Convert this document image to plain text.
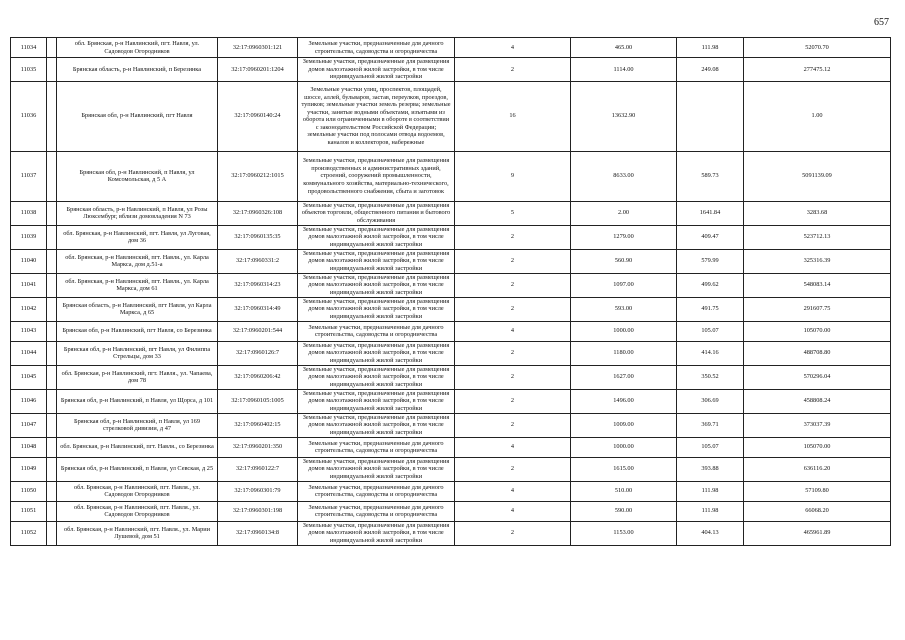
657
11034		обл. Брянская, р-н Навлинский, пгт. Навля, ул. Садоводов Огородников	32:17:0960301:121	Земельные участки, предназначенные для дачного строительства, садоводства и огородничества	4	465.00	111.98	52070.70
11035		Брянская область, р-н Навлинский, п Березинка	32:17:0960201:1204	Земельные участки, предназначенные для размещения домов малоэтажной жилой застройки, в том числе индивидуальной жилой застройки	2	1114.00	249.08	277475.12
11036		Брянская обл, р-н Навлинский, пгт Навля	32:17:0960140:24	Земельные участки улиц, проспектов, площадей, шоссе, аллей, бульваров, застав, переулков, проездов, тупиков; земельные участки земель резерва; земельные участки, занятые водными объектами, изъятыми из оборота или ограниченными в обороте в соответствии с законодательством Российской Федерации; земельные участки под полосами отвода водоемов, каналов и коллекторов, набережные	16	13632.90		1.00
11037		Брянская обл, р-н Навлинский, п Навля, ул Комсомольская, д 5 А	32:17:0960212:1015	Земельные участки, предназначенные для размещения производственных и административных зданий, строений, сооружений промышленности, коммунального хозяйства, материально-технического, продовольственного снабжения, сбыта и заготовок	9	8633.00	589.73	5091139.09
11038		Брянская область, р-н Навлинский, п Навля, ул Розы Люксембург, вблизи домовладения N 73	32:17:0960326:108	Земельные участки, предназначенные для размещения объектов торговли, общественного питания и бытового обслуживания	5	2.00	1641.84	3283.68
11039		обл. Брянская, р-н Навлинский, пгт. Навля, ул Луговая, дом 36	32:17:0960135:35	Земельные участки, предназначенные для размещения домов малоэтажной жилой застройки, в том числе индивидуальной жилой застройки	2	1279.00	409.47	523712.13
11040		обл. Брянская, р-н Навлинский, пгт. Навля., ул. Карла Маркса, дом д.51-а	32:17:0960331:2	Земельные участки, предназначенные для размещения домов малоэтажной жилой застройки, в том числе индивидуальной жилой застройки	2	560.90	579.99	325316.39
11041		обл. Брянская, р-н Навлинский, пгт. Навля., ул. Карла Маркса, дом 61	32:17:0960314:23	Земельные участки, предназначенные для размещения домов малоэтажной жилой застройки, в том числе индивидуальной жилой застройки	2	1097.00	499.62	548083.14
11042		Брянская область, р-н Навлинский, пгт Навля, ул Карла Маркса, д 65	32:17:0960314:49	Земельные участки, предназначенные для размещения домов малоэтажной жилой застройки, в том числе индивидуальной жилой застройки	2	593.00	491.75	291607.75
11043		Брянская обл, р-н Навлинский, пгт Навля, со Березинка	32:17:0960201:544	Земельные участки, предназначенные для дачного строительства, садоводства и огородничества	4	1000.00	105.07	105070.00
11044		Брянская обл, р-н Навлинский, пгт Навля, ул Филиппа Стрельцы, дом 33	32:17:0960126:7	Земельные участки, предназначенные для размещения домов малоэтажной жилой застройки, в том числе индивидуальной жилой застройки	2	1180.00	414.16	488708.80
11045		обл. Брянская, р-н Навлинский, пгт. Навля., ул. Чапаева, дом 78	32:17:0960206:42	Земельные участки, предназначенные для размещения домов малоэтажной жилой застройки, в том числе индивидуальной жилой застройки	2	1627.00	350.52	570296.04
11046		Брянская обл, р-н Навлинский, п Навля, ул Щорса, д 101	32:17:0960105:1005	Земельные участки, предназначенные для размещения домов малоэтажной жилой застройки, в том числе индивидуальной жилой застройки	2	1496.00	306.69	458808.24
11047		Брянская обл, р-н Навлинский, п Навля, ул 169 стрелковой дивизии, д 47	32:17:0960402:15	Земельные участки, предназначенные для размещения домов малоэтажной жилой застройки, в том числе индивидуальной жилой застройки	2	1009.00	369.71	373037.39
11048		обл. Брянская, р-н Навлинский, пгт. Навля., со Березинка	32:17:0960201:350	Земельные участки, предназначенные для дачного строительства, садоводства и огородничества	4	1000.00	105.07	105070.00
11049		Брянская обл, р-н Навлинский, п Навля, ул Севская, д 25	32:17:0960122:7	Земельные участки, предназначенные для размещения домов малоэтажной жилой застройки, в том числе индивидуальной жилой застройки	2	1615.00	393.88	636116.20
11050		обл. Брянская, р-н Навлинский, пгт. Навля., ул. Садоводов Огородников	32:17:0960301:79	Земельные участки, предназначенные для дачного строительства, садоводства и огородничества	4	510.00	111.98	57109.80
11051		обл. Брянская, р-н Навлинский, пгт. Навля., ул. Садоводов Огородников	32:17:0960301:198	Земельные участки, предназначенные для дачного строительства, садоводства и огородничества	4	590.00	111.98	66068.20
11052		обл. Брянская, р-н Навлинский, пгт. Навля., ул. Марии Лушевой, дом 51	32:17:0960134:8	Земельные участки, предназначенные для размещения домов малоэтажной жилой застройки, в том числе индивидуальной жилой застройки	2	1153.00	404.13	465961.89
